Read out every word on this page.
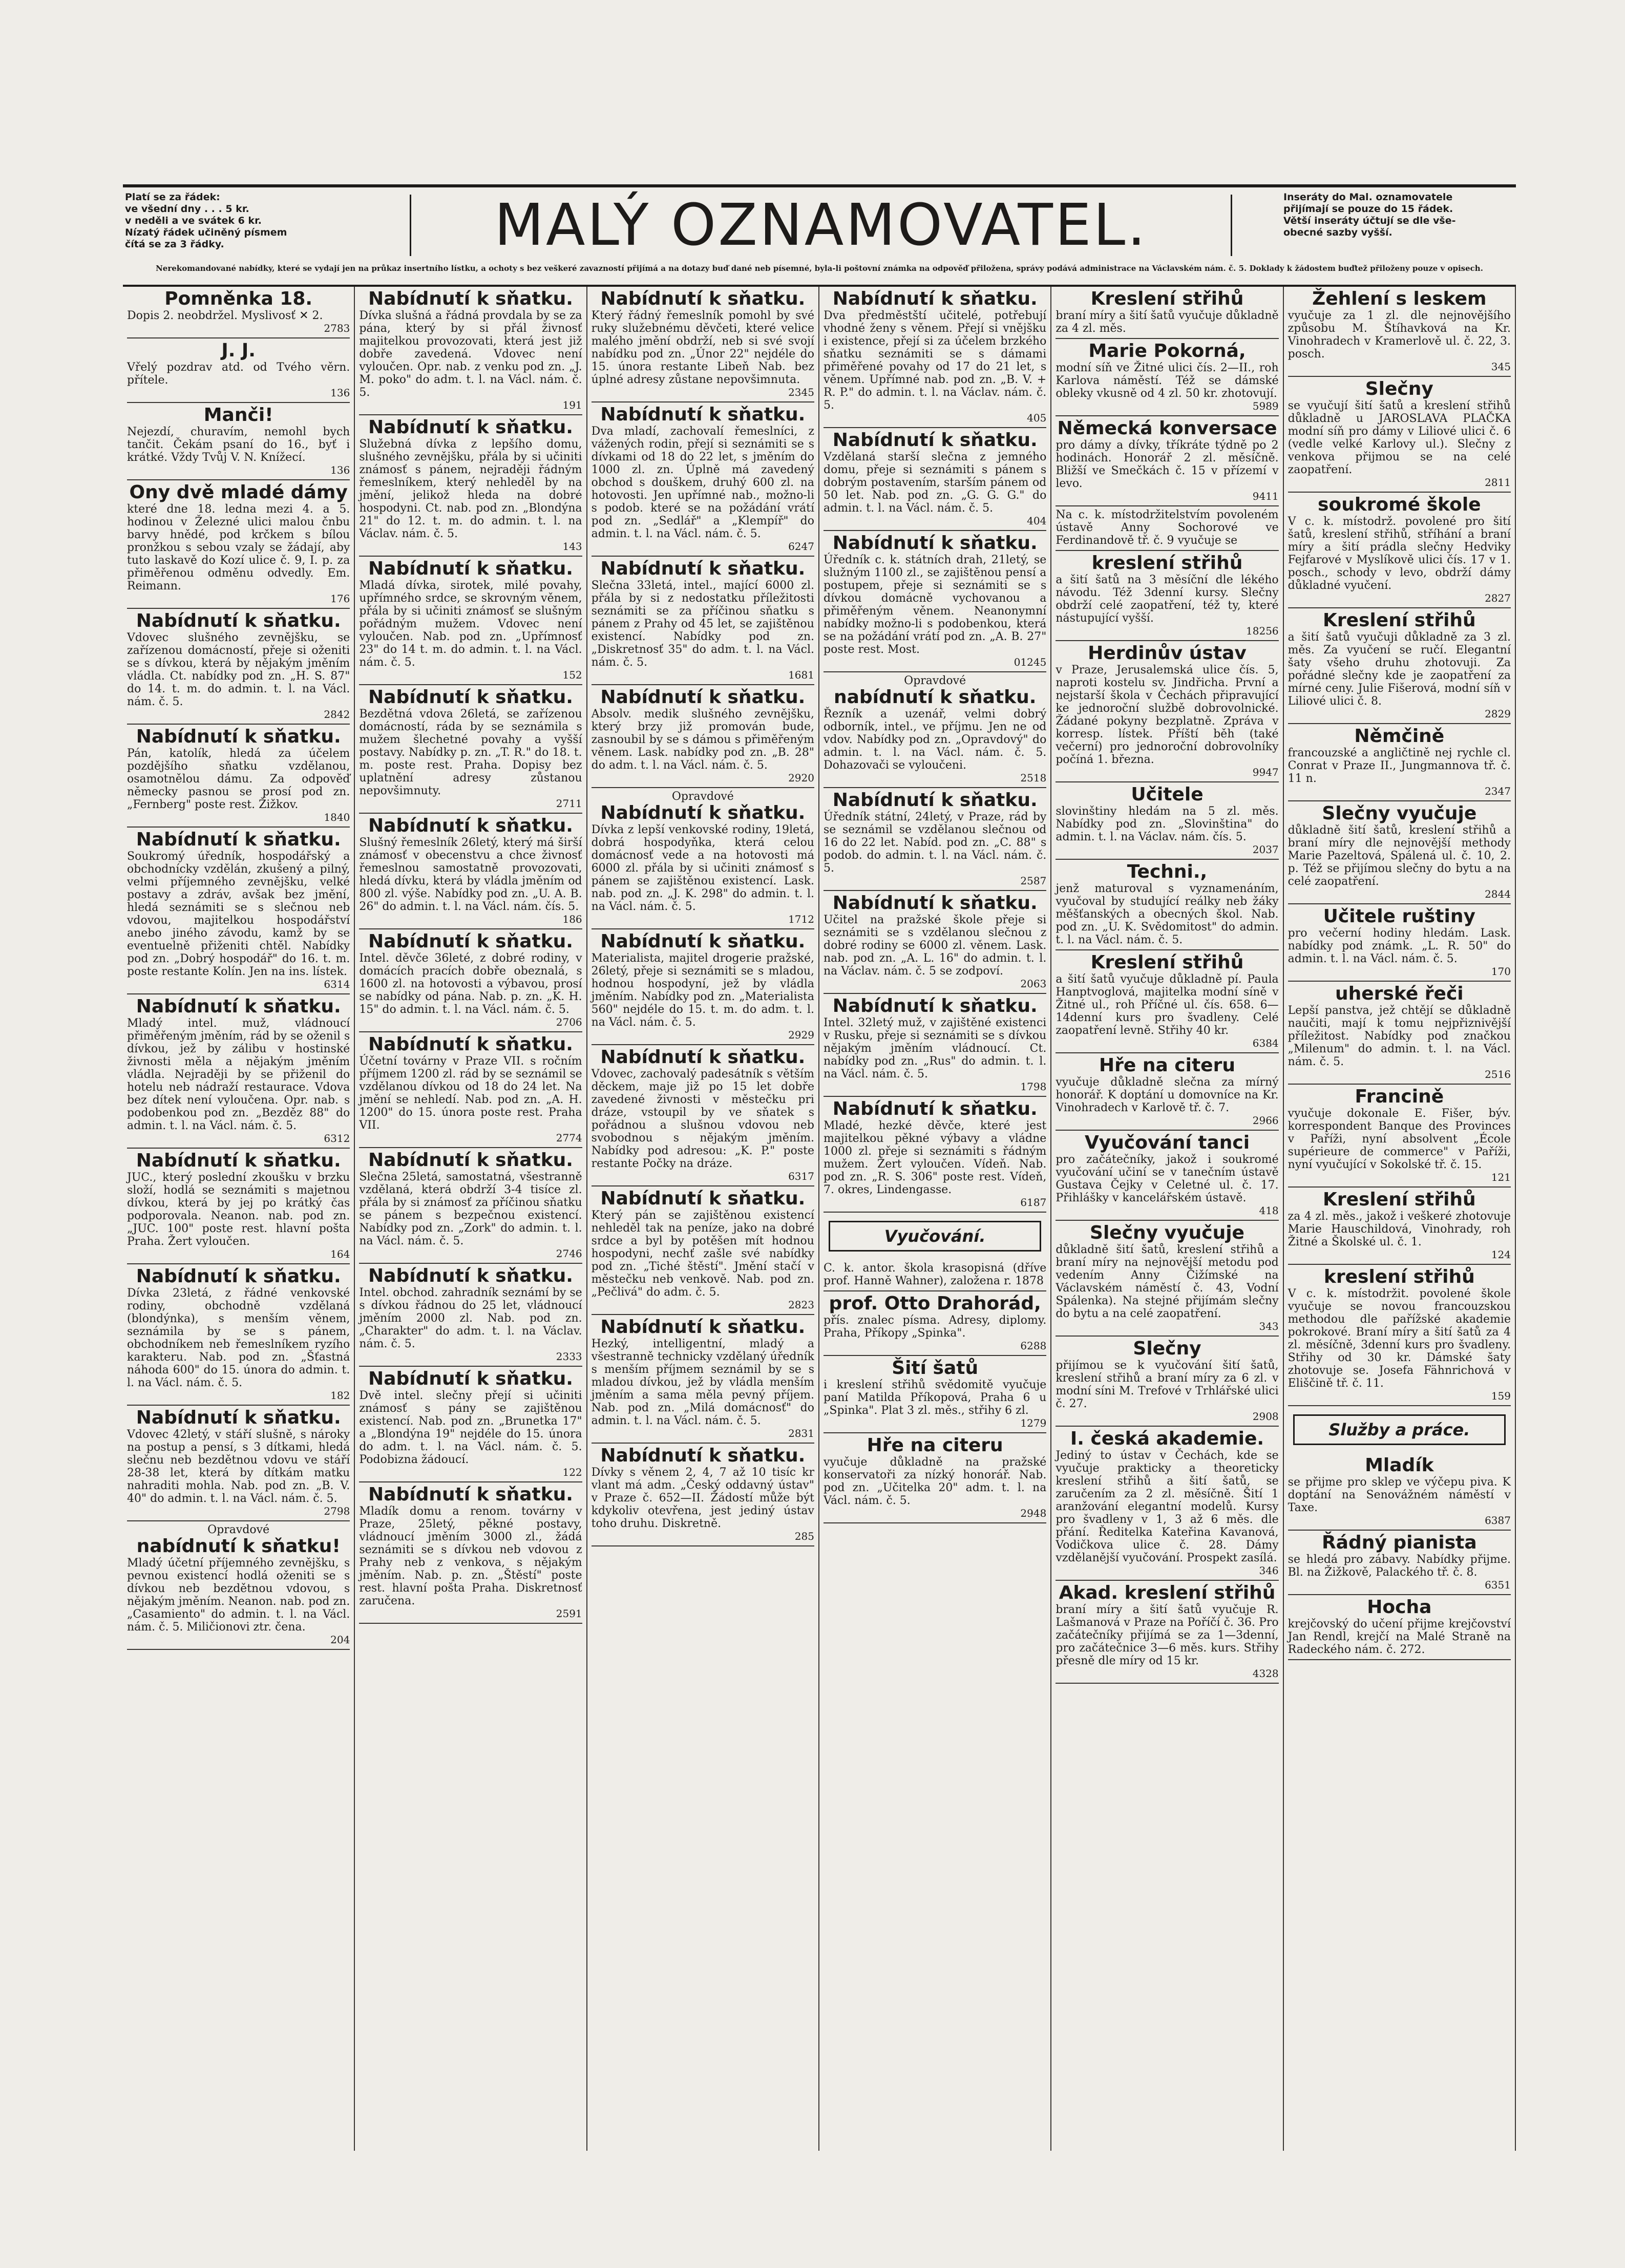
Platí se za řádek:
ve všední dny . . . 5 kr.
v neděli a ve svátek 6 kr.
Nízatý řádek učiněný písmem
čítá se za 3 řádky.	MALÝ OZNAMOVATEL.	Inseráty do Mal. oznamovatele
přijímají se pouze do 15 řádek.
Větší inseráty účtují se dle vše-
obecné sazby vyšší.
Nerekomandované nabídky, které se vydají jen na průkaz insertního lístku, a ochoty s bez veškeré zavazností přijímá a na dotazy buď dané neb písemné, byla-li poštovní známka na odpověď přiložena, správy podává administrace na Václavském nám. č. 5. Doklady k žádostem buďtež přiloženy pouze v opisech.
Pomněnka 18.

Dopis 2. neobdržel. Myslivosť ✕ 2.

2783
J. J.

Vřelý pozdrav atd. od Tvého věrn. přítele.

136
Manči!

Nejezdí, churavím, nemohl bych tančit. Čekám psaní do 16., byť i krátké. Vždy Tvůj V. N. Knížecí.

136
Ony dvě mladé dámy

které dne 18. ledna mezi 4. a 5. hodinou v Železné ulici malou čnbu barvy hnědé, pod krčkem s bílou pronžkou s sebou vzaly se žádají, aby tuto laskavě do Kozí ulice č. 9, I. p. za přiměřenou odměnu odvedly. Em. Reimann.

176
Nabídnutí k sňatku.

Vdovec slušného zevnějšku, se zařízenou domácností, přeje si oženiti se s dívkou, která by nějakým jměním vládla. Ct. nabídky pod zn. „H. S. 87" do 14. t. m. do admin. t. l. na Václ. nám. č. 5.

2842
Nabídnutí k sňatku.

Pán, katolík, hledá za účelem pozdějšího sňatku vzdělanou, osamotnělou dámu. Za odpověď německy pasnou se prosí pod zn. „Fernberg" poste rest. Žižkov.

1840
Nabídnutí k sňatku.

Soukromý úředník, hospodářský a obchodnícky vzdělán, zkušený a pilný, velmi příjemného zevnějšku, velké postavy a zdráv, avšak bez jmění, hledá seznámiti se s slečnou neb vdovou, majitelkou hospodářství anebo jiného závodu, kamž by se eventuelně přiženiti chtěl. Nabídky pod zn. „Dobrý hospodář" do 16. t. m. poste restante Kolín. Jen na ins. lístek.

6314
Nabídnutí k sňatku.

Mladý intel. muž, vládnoucí přiměřeným jměním, rád by se oženil s dívkou, jež by zálibu v hostinské živnosti měla a nějakým jměním vládla. Nejraději by se přiženil do hotelu neb nádraží restaurace. Vdova bez dítek není vyloučena. Opr. nab. s podobenkou pod zn. „Bezděz 88" do admin. t. l. na Václ. nám. č. 5.

6312
Nabídnutí k sňatku.

JUC., který poslední zkoušku v brzku složí, hodlá se seznámiti s majetnou dívkou, která by jej po krátký čas podporovala. Neanon. nab. pod zn. „JUC. 100" poste rest. hlavní pošta Praha. Žert vyloučen.

164
Nabídnutí k sňatku.

Dívka 23letá, z řádné venkovské rodiny, obchodně vzdělaná (blondýnka), s menším věnem, seznámila by se s pánem, obchodníkem neb řemeslníkem ryzího karakteru. Nab. pod zn. „Šťastná náhoda 600" do 15. února do admin. t. l. na Václ. nám. č. 5.

182
Nabídnutí k sňatku.

Vdovec 42letý, v stáří slušně, s nároky na postup a pensí, s 3 dítkami, hledá slečnu neb bezdětnou vdovu ve stáří 28-38 let, která by dítkám matku nahraditi mohla. Nab. pod zn. „B. V. 40" do admin. t. l. na Václ. nám. č. 5.

2798
Opravdové
nabídnutí k sňatku!

Mladý účetní příjemného zevnějšku, s pevnou existencí hodlá oženiti se s dívkou neb bezdětnou vdovou, s nějakým jměním. Neanon. nab. pod zn. „Casamiento" do admin. t. l. na Václ. nám. č. 5. Miličionovi ztr. čena.

204
Nabídnutí k sňatku.

Dívka slušná a řádná provdala by se za pána, který by si přál živnosť majitelkou provozovati, která jest již dobře zavedená. Vdovec není vyloučen. Opr. nab. z venku pod zn. „J. M. poko" do adm. t. l. na Václ. nám. č. 5.

191
Nabídnutí k sňatku.

Služebná dívka z lepšího domu, slušného zevnějšku, přála by si učiniti známosť s pánem, nejraději řádným řemeslníkem, který nehleděl by na jmění, jelikož hleda na dobré hospodyni. Ct. nab. pod zn. „Blondýna 21" do 12. t. m. do admin. t. l. na Václav. nám. č. 5.

143
Nabídnutí k sňatku.

Mladá dívka, sirotek, milé povahy, upřímného srdce, se skrovným věnem, přála by si učiniti známosť se slušným pořádným mužem. Vdovec není vyloučen. Nab. pod zn. „Upřímnosť 23" do 14 t. m. do admin. t. l. na Václ. nám. č. 5.

152
Nabídnutí k sňatku.

Bezdětná vdova 26letá, se zařízenou domácností, ráda by se seznámila s mužem šlechetné povahy a vyšší postavy. Nabídky p. zn. „T. R." do 18. t. m. poste rest. Praha. Dopisy bez uplatnění adresy zůstanou nepovšimnuty.

2711
Nabídnutí k sňatku.

Slušný řemeslník 26letý, který má širší známosť v obecenstvu a chce živnosť řemeslnou samostatně provozovati, hledá dívku, která by vládla jměním od 800 zl. výše. Nabídky pod zn. „U. A. B. 26" do admin. t. l. na Václ. nám. čís. 5.

186
Nabídnutí k sňatku.

Intel. děvče 36leté, z dobré rodiny, v domácích pracích dobře obeznalá, s 1600 zl. na hotovosti a výbavou, prosí se nabídky od pána. Nab. p. zn. „K. H. 15" do admin. t. l. na Václ. nám. č. 5.

2706
Nabídnutí k sňatku.

Účetní továrny v Praze VII. s ročním příjmem 1200 zl. rád by se seznámil se vzdělanou dívkou od 18 do 24 let. Na jmění se nehledí. Nab. pod zn. „A. H. 1200" do 15. února poste rest. Praha VII.

2774
Nabídnutí k sňatku.

Slečna 25letá, samostatná, všestranně vzdělaná, která obdrží 3-4 tisíce zl. přála by si známosť za příčinou sňatku se pánem s bezpečnou existencí. Nabídky pod zn. „Zork" do admin. t. l. na Václ. nám. č. 5.

2746
Nabídnutí k sňatku.

Intel. obchod. zahradník seznámí by se s dívkou řádnou do 25 let, vládnoucí jměním 2000 zl. Nab. pod zn. „Charakter" do adm. t. l. na Václav. nám. č. 5.

2333
Nabídnutí k sňatku.

Dvě intel. slečny přejí si učiniti známosť s pány se zajištěnou existencí. Nab. pod zn. „Brunetka 17" a „Blondýna 19" nejdéle do 15. února do adm. t. l. na Václ. nám. č. 5. Podobizna žádoucí.

122
Nabídnutí k sňatku.

Mladík domu a renom. továrny v Praze, 25letý, pěkné postavy, vládnoucí jměním 3000 zl., žádá seznámiti se s dívkou neb vdovou z Prahy neb z venkova, s nějakým jměním. Nab. p. zn. „Štěstí" poste rest. hlavní pošta Praha. Diskretnosť zaručena.

2591
Nabídnutí k sňatku.

Který řádný řemeslník pomohl by své ruky služebnému děvčeti, které velice malého jmění obdrží, neb si své svojí nabídku pod zn. „Únor 22" nejdéle do 15. února restante Libeň Nab. bez úplné adresy zůstane nepovšimnuta.

2345
Nabídnutí k sňatku.

Dva mladí, zachovalí řemeslníci, z vážených rodin, přejí si seznámiti se s dívkami od 18 do 22 let, s jměním do 1000 zl. zn. Úplně má zavedený obchod s douškem, druhý 600 zl. na hotovosti. Jen upřímné nab., možno-li s podob. které se na požádání vrátí pod zn. „Sedlář" a „Klempíř" do admin. t. l. na Václ. nám. č. 5.

6247
Nabídnutí k sňatku.

Slečna 33letá, intel., mající 6000 zl. přála by si z nedostatku příležitosti seznámiti se za příčinou sňatku s pánem z Prahy od 45 let, se zajištěnou existencí. Nabídky pod zn. „Diskretnosť 35" do adm. t. l. na Václ. nám. č. 5.

1681
Nabídnutí k sňatku.

Absolv. medik slušného zevnějšku, který brzy již promován bude, zasnoubil by se s dámou s přiměřeným věnem. Lask. nabídky pod zn. „B. 28" do adm. t. l. na Václ. nám. č. 5.

2920
Opravdové
Nabídnutí k sňatku.

Dívka z lepší venkovské rodiny, 19letá, dobrá hospodyňka, která celou domácnosť vede a na hotovosti má 6000 zl. přála by si učiniti známosť s pánem se zajištěnou existencí. Lask. nab. pod zn. „J. K. 298" do admin. t. l. na Václ. nám. č. 5.

1712
Nabídnutí k sňatku.

Materialista, majitel drogerie pražské, 26letý, přeje si seznámiti se s mladou, hodnou hospodyní, jež by vládla jměním. Nabídky pod zn. „Materialista 560" nejdéle do 15. t. m. do adm. t. l. na Václ. nám. č. 5.

2929
Nabídnutí k sňatku.

Vdovec, zachovalý padesátník s větším děckem, maje již po 15 let dobře zavedené živnosti v městečku pri dráze, vstoupil by ve sňatek s pořádnou a slušnou vdovou neb svobodnou s nějakým jměním. Nabídky pod adresou: „K. P." poste restante Počky na dráze.

6317
Nabídnutí k sňatku.

Který pán se zajištěnou existencí nehleděl tak na peníze, jako na dobré srdce a byl by potěšen mít hodnou hospodyni, nechť zašle své nabídky pod zn. „Tiché štěstí". Jmění stačí v městečku neb venkově. Nab. pod zn. „Pečlivá" do adm. č. 5.

2823
Nabídnutí k sňatku.

Hezký, intelligentní, mladý a všestranně technicky vzdělaný úředník s menším příjmem seznámil by se s mladou dívkou, jež by vládla menším jměním a sama měla pevný příjem. Nab. pod zn. „Milá domácnosť" do admin. t. l. na Václ. nám. č. 5.

2831
Nabídnutí k sňatku.

Dívky s věnem 2, 4, 7 až 10 tisíc kr vlant má adm. „Český oddavný ústav" v Praze č. 652—II. Žádostí může být kdykoliv otevřena, jest jediný ústav toho druhu. Diskretně.

285
Nabídnutí k sňatku.

Dva předměstští učitelé, potřebují vhodné ženy s věnem. Přejí si vnějšku i existence, přejí si za účelem brzkého sňatku seznámiti se s dámami přiměřené povahy od 17 do 21 let, s věnem. Upřímné nab. pod zn. „B. V. + R. P." do admin. t. l. na Václav. nám. č. 5.

405
Nabídnutí k sňatku.

Vzdělaná starší slečna z jemného domu, přeje si seznámiti s pánem s dobrým postavením, starším pánem od 50 let. Nab. pod zn. „G. G. G." do admin. t. l. na Václ. nám. č. 5.

404
Nabídnutí k sňatku.

Úředník c. k. státních drah, 21letý, se služným 1100 zl., se zajištěnou pensí a postupem, přeje si seznámiti se s dívkou domácně vychovanou a přiměřeným věnem. Neanonymní nabídky možno-li s podobenkou, která se na požádání vrátí pod zn. „A. B. 27" poste rest. Most.

01245
Opravdové
nabídnutí k sňatku.

Řezník a uzenář, velmi dobrý odborník, intel., ve příjmu. Jen ne od vdov. Nabídky pod zn. „Opravdový" do admin. t. l. na Václ. nám. č. 5. Dohazovači se vyloučeni.

2518
Nabídnutí k sňatku.

Úředník státní, 24letý, v Praze, rád by se seznámil se vzdělanou slečnou od 16 do 22 let. Nabíd. pod zn. „C. 88" s podob. do admin. t. l. na Václ. nám. č. 5.

2587
Nabídnutí k sňatku.

Učitel na pražské škole přeje si seznámiti se s vzdělanou slečnou z dobré rodiny se 6000 zl. věnem. Lask. nab. pod zn. „A. L. 16" do admin. t. l. na Václav. nám. č. 5 se zodpoví.

2063
Nabídnutí k sňatku.

Intel. 32letý muž, v zajištěné existenci v Rusku, přeje si seznámiti se s dívkou nějakým jměním vládnoucí. Ct. nabídky pod zn. „Rus" do admin. t. l. na Václ. nám. č. 5.

1798
Nabídnutí k sňatku.

Mladé, hezké děvče, které jest majitelkou pěkné výbavy a vládne 1000 zl. přeje si seznámiti s řádným mužem. Žert vyloučen. Vídeň. Nab. pod zn. „R. S. 306" poste rest. Vídeň, 7. okres, Lindengasse.

6187
Vyučování.

C. k. antor. škola krasopisná (dříve prof. Hanně Wahner), založena r. 1878

prof. Otto Drahorád,

přís. znalec písma. Adresy, diplomy. Praha, Příkopy „Spinka".

6288
Šití šatů

i kreslení střihů svědomitě vyučuje paní Matilda Příkopová, Praha 6 u „Spinka". Plat 3 zl. měs., střihy 6 zl.

1279
Hře na citeru

vyučuje důkladně na pražské konservatoři za nízký honorář. Nab. pod zn. „Učitelka 20" adm. t. l. na Václ. nám. č. 5.

2948
Kreslení střihů

braní míry a šití šatů vyučuje důkladně za 4 zl. měs.

Marie Pokorná,

modní síň ve Žitné ulici čís. 2—II., roh Karlova náměstí. Též se dámské obleky vkusně od 4 zl. 50 kr. zhotovují.

5989
Německá konversace

pro dámy a dívky, tříkráte týdně po 2 hodinách. Honorář 2 zl. měsíčně. Bližší ve Smečkách č. 15 v přízemí v levo.

9411

Na c. k. místodržitelstvím povoleném ústavě Anny Sochorové ve Ferdinandově tř. č. 9 vyučuje se

kreslení střihů

a šití šatů na 3 měsíční dle lékého návodu. Též 3denní kursy. Slečny obdrží celé zaopatření, též ty, které nástupující vyšší.

18256
Herdinův ústav

v Praze, Jerusalemská ulice čís. 5, naproti kostelu sv. Jindřicha. První a nejstarší škola v Čechách připravující ke jednoroční službě dobrovolnické. Žádané pokyny bezplatně. Zpráva v korresp. lístek. Příští běh (také večerní) pro jednoroční dobrovolníky počíná 1. března.

9947
Učitele

slovinštiny hledám na 5 zl. měs. Nabídky pod zn. „Slovinština" do admin. t. l. na Václav. nám. čís. 5.

2037
Techni.,

jenž maturoval s vyznamenáním, vyučoval by studující reálky neb žáky měšťanských a obecných škol. Nab. pod zn. „U. K. Svědomitost" do admin. t. l. na Václ. nám. č. 5.

Kreslení střihů

a šití šatů vyučuje důkladně pí. Paula Hanptvoglová, majitelka modní síně v Žitné ul., roh Příčné ul. čís. 658. 6—14denní kurs pro švadleny. Celé zaopatření levně. Střihy 40 kr.

6384
Hře na citeru

vyučuje důkladně slečna za mírný honorář. K doptání u domovníce na Kr. Vinohradech v Karlově tř. č. 7.

2966
Vyučování tanci

pro začátečníky, jakož i soukromé vyučování učiní se v tanečním ústavě Gustava Čejky v Celetné ul. č. 17. Přihlášky v kancelářském ústavě.

418
Slečny vyučuje

důkladně šití šatů, kreslení střihů a braní míry na nejnovější metodu pod vedením Anny Čižímské na Václavském náměstí č. 43, Vodní Spálenka). Na stejné přijímám slečny do bytu a na celé zaopatření.

343
Slečny

přijímou se k vyučování šití šatů, kreslení střihů a braní míry za 6 zl. v modní síni M. Trefové v Trhlářské ulici č. 27.

2908
I. česká akademie.

Jediný to ústav v Čechách, kde se vyučuje prakticky a theoreticky kreslení střihů a šití šatů, se zaručením za 2 zl. měsíčně. Šití 1 aranžování elegantní modelů. Kursy pro švadleny v 1, 3 až 6 měs. dle přání. Ředitelka Kateřina Kavanová, Vodičkova ulice č. 28. Dámy vzdělanější vyučování. Prospekt zasílá.

346
Akad. kreslení střihů

braní míry a šití šatů vyučuje R. Lašmanová v Praze na Poříčí č. 36. Pro začátečníky přijímá se za 1—3denní, pro začátečnice 3—6 měs. kurs. Střihy přesně dle míry od 15 kr.

4328
Žehlení s leskem

vyučuje za 1 zl. dle nejnovějšího způsobu M. Štíhavková na Kr. Vinohradech v Kramerlově ul. č. 22, 3. posch.

345
Slečny

se vyučují šití šatů a kreslení střihů důkladně u JAROSLAVA PLAČKA modní síň pro dámy v Liliové ulici č. 6 (vedle velké Karlovy ul.). Slečny z venkova přijmou se na celé zaopatření.

2811
soukromé škole

V c. k. místodrž. povolené pro šití šatů, kreslení střihů, stříhání a braní míry a šití prádla slečny Hedviky Fejfarové v Myslíkově ulici čís. 17 v 1. posch., schody v levo, obdrží dámy důkladné vyučení.

2827
Kreslení střihů

a šití šatů vyučuji důkladně za 3 zl. měs. Za vyučení se ručí. Elegantní šaty všeho druhu zhotovuji. Za pořádné slečny kde je zaopatření za mírné ceny. Julie Fišerová, modní síň v Liliové ulici č. 8.

2829
Němčině

francouzské a angličtině nej rychle cl. Conrat v Praze II., Jungmannova tř. č. 11 n.

2347
Slečny vyučuje

důkladně šití šatů, kreslení střihů a braní míry dle nejnovější methody Marie Pazeltová, Spálená ul. č. 10, 2. p. Též se přijímou slečny do bytu a na celé zaopatření.

2844
Učitele ruštiny

pro večerní hodiny hledám. Lask. nabídky pod známk. „L. R. 50" do admin. t. l. na Václ. nám. č. 5.

170
uherské řeči

Lepší panstva, jež chtějí se důkladně naučiti, mají k tomu nejpřiznivější příležitost. Nabídky pod značkou „Milenum" do admin. t. l. na Václ. nám. č. 5.

2516
Francině

vyučuje dokonale E. Fišer, býv. korrespondent Banque des Provinces v Paříži, nyní absolvent „École supérieure de commerce" v Paříži, nyní vyučující v Sokolské tř. č. 15.

121
Kreslení střihů

za 4 zl. měs., jakož i veškeré zhotovuje Marie Hauschildová, Vinohrady, roh Žitné a Školské ul. č. 1.

124
kreslení střihů

V c. k. místodržit. povolené škole vyučuje se novou francouzskou methodou dle pařížské akademie pokrokové. Braní míry a šití šatů za 4 zl. měsíčně, 3denní kurs pro švadleny. Střihy od 30 kr. Dámské šaty zhotovuje se. Josefa Fähnrichová v Eliščině tř. č. 11.

159
Služby a práce.
Mladík

se přijme pro sklep ve výčepu piva. K doptání na Senovážném náměstí v Taxe.

6387
Řádný pianista

se hledá pro zábavy. Nabídky přijme. Bl. na Žižkově, Palackého tř. č. 8.

6351
Hocha

krejčovský do učení přijme krejčovství Jan Rendl, krejčí na Malé Straně na Radeckého nám. č. 272.
